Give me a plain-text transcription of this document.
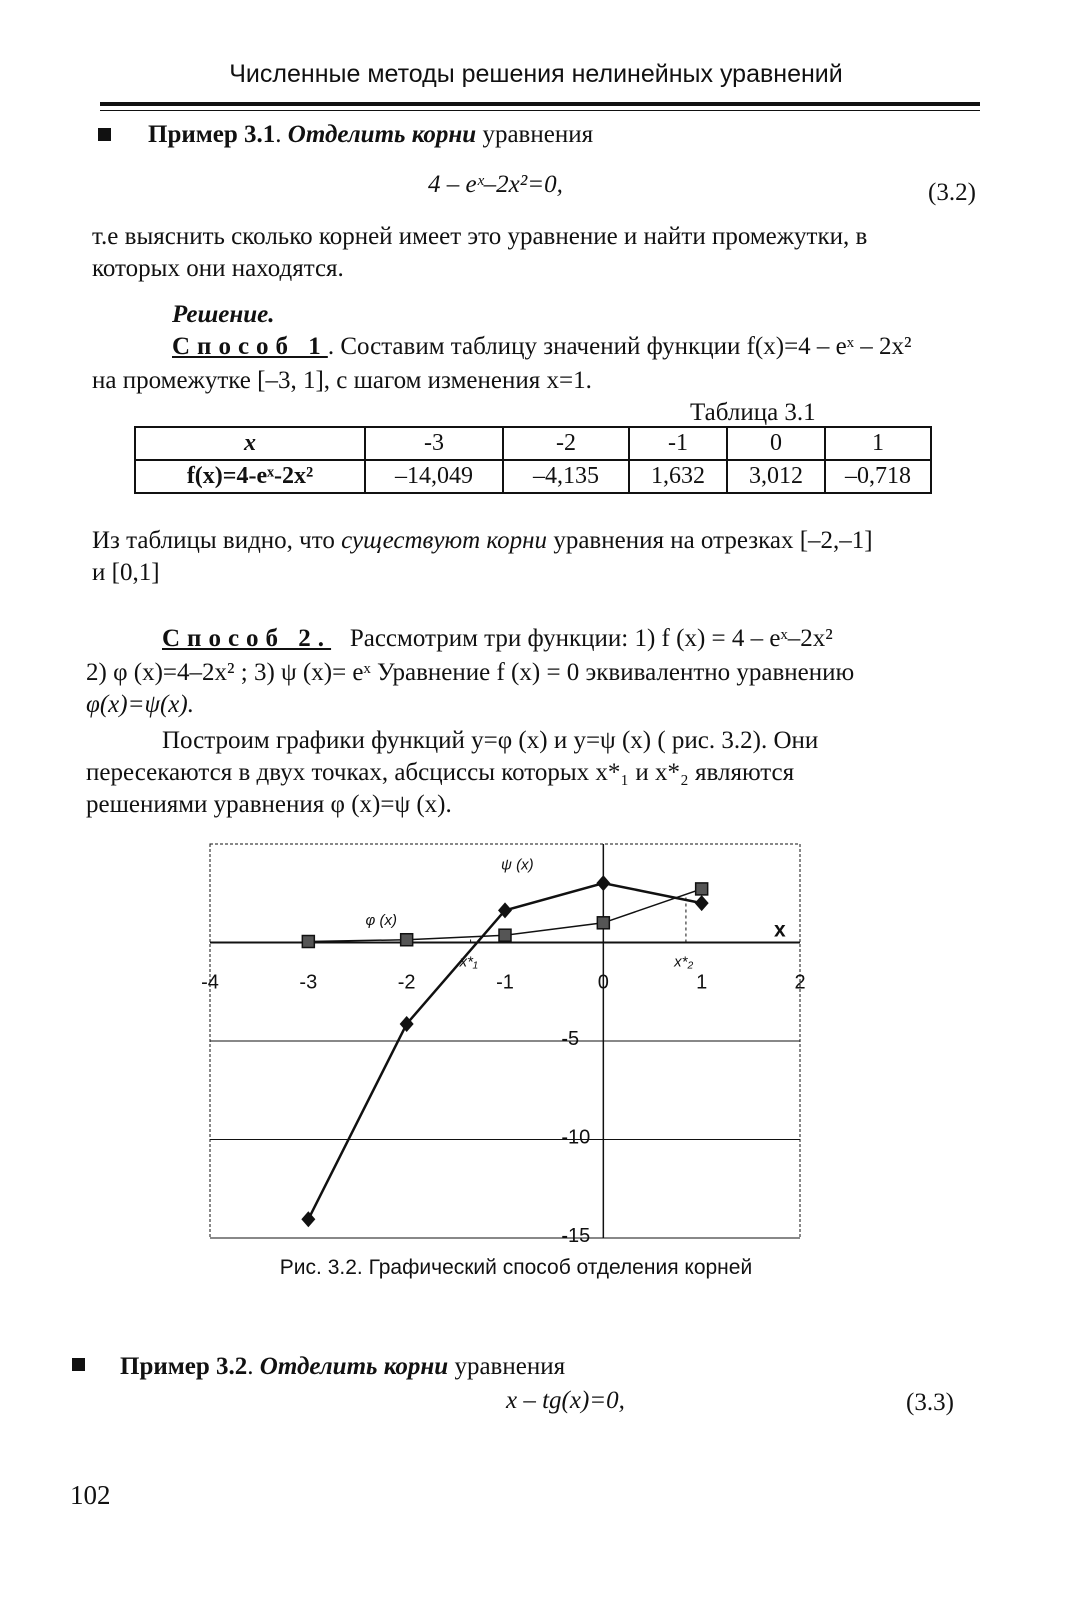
Численные методы решения нелинейных уравнений
Пример 3.1. Отделить корни уравнения
4 – eˣ–2x²=0,	(3.2)
т.е выяснить сколько корней имеет это уравнение и найти промежутки, в
которых они находятся.
Решение.
Способ 1. Составим таблицу значений функции f(x)=4 – eˣ – 2x²
на промежутке [–3, 1], с шагом изменения x=1.
Таблица 3.1
x	-3	-2	-1	0	1
f(x)=4-eˣ-2x²	–14,049	–4,135	1,632	3,012	–0,718
Из таблицы видно, что существуют корни уравнения на отрезках [–2,–1]
и [0,1]
Способ 2. Рассмотрим три функции: 1) f (x) = 4 – eˣ–2x²
2) φ (x)=4–2x² ; 3) ψ (x)= eˣ Уравнение f (x) = 0 эквивалентно уравнению
φ(x)=ψ(x).
Построим графики функций y=φ (x) и y=ψ (x) ( рис. 3.2). Они
пересекаются в двух точках, абсциссы которых x*₁ и x*₂ являются
решениями уравнения φ (x)=ψ (x).
-4	-3	-2	-1	0	1	2
-5
-10
-15
x
ψ (x)
φ (x)
x*₁	x*₂
Рис. 3.2. Графический способ отделения корней
Пример 3.2. Отделить корни уравнения
x – tg(x)=0,	(3.3)
102
